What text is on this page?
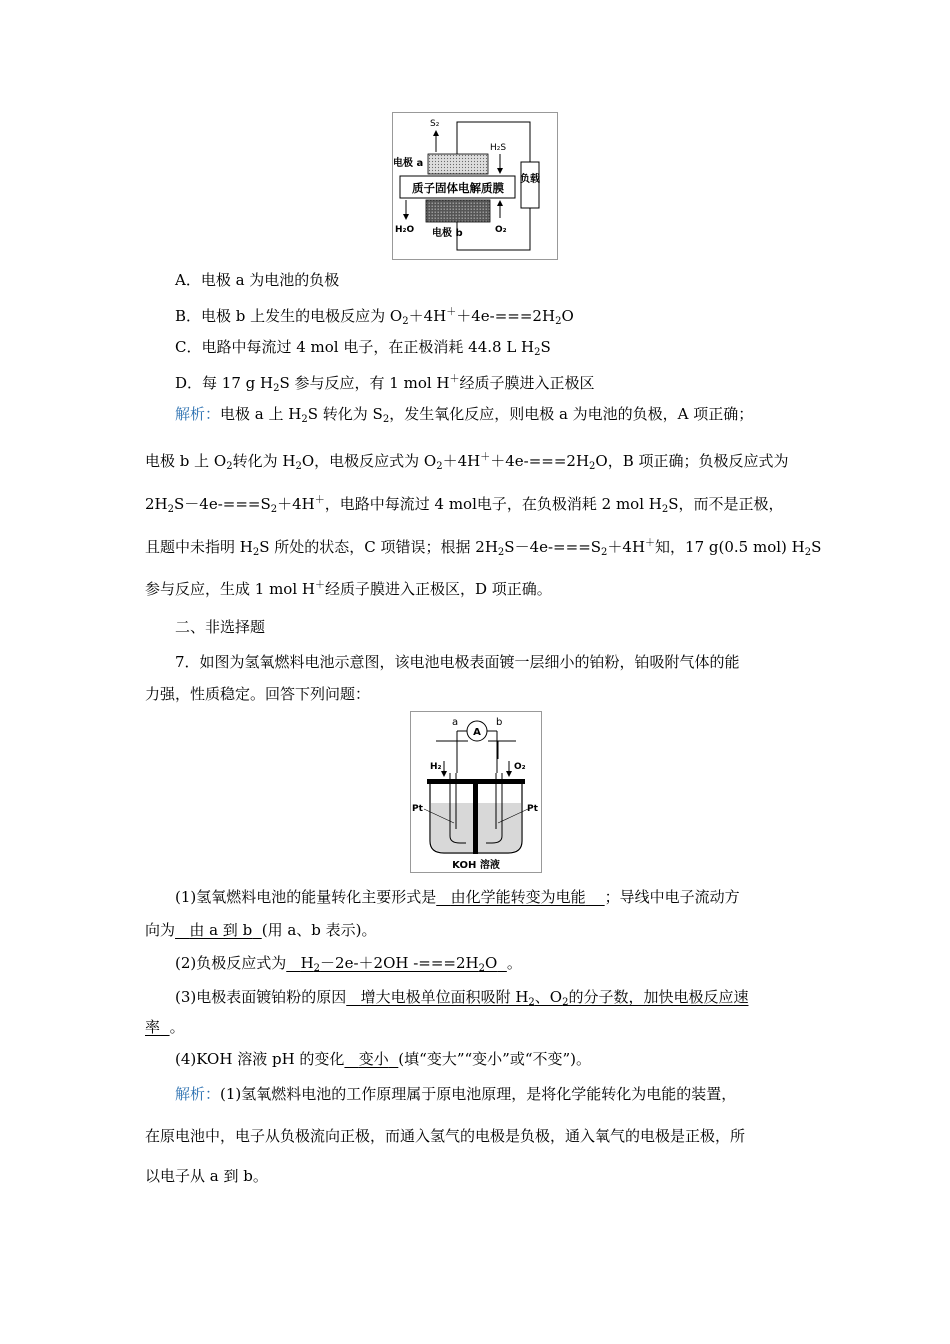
S₂
H₂S
电极 a
质子固体电解质膜
负载
H₂O 电极 b	O₂
A．电极 a 为电池的负极
B．电极 b 上发生的电极反应为 $O_2+4H^++4e-===2H_2O$
C．电路中每流过 4 mol 电子，在正极消耗 44.8 L $H_2S$
D．每 17 g $H_2S$ 参与反应，有 1 mol H＋经质子膜进入正极区
解析：电极 a 上 $H_2S$ 转化为 $S_2$，发生氧化反应，则电极 a 为电池的负极，A 项正确；
电极 b 上 $O_2$转化为 $H_2O$，电极反应式为 $O_2+4H^++4e-===2H_2O$，B 项正确；负极反应式为
$2H_2S-4e-===S_2+4H^+$，电路中每流过 4 mol电子，在负极消耗 2 mol $H_2S$，而不是正极，
且题中未指明 $H_2S$ 所处的状态，C 项错误；根据 $2H_2S-4e-===S_2+4H^+$知，17 g(0.5 mol) $H_2S$
参与反应，生成 1 mol H＋经质子膜进入正极区，D 项正确。
二、非选择题
7．如图为氢氧燃料电池示意图，该电池电极表面镀一层细小的铂粉，铂吸附气体的能
力强，性质稳定。回答下列问题：
A
a	b
H₂	O₂
Pt	Pt
KOH 溶液
(1)氢氧燃料电池的能量转化主要形式是 由化学能转变为电能 ；导线中电子流动方
向为 由 a 到 b (用 a、b 表示)。
(2)负极反应式为 $H_2-2e-+2OH$ $-===2H_2O$ 。
(3)电极表面镀铂粉的原因 增大电极单位面积吸附 $H_2$、$O_2$的分子数，加快电极反应速
率 。
(4)KOH 溶液 pH 的变化 变小 (填“变大”“变小”或“不变”)。
解析：(1)氢氧燃料电池的工作原理属于原电池原理，是将化学能转化为电能的装置，
在原电池中，电子从负极流向正极，而通入氢气的电极是负极，通入氧气的电极是正极，所
以电子从 a 到 b。
